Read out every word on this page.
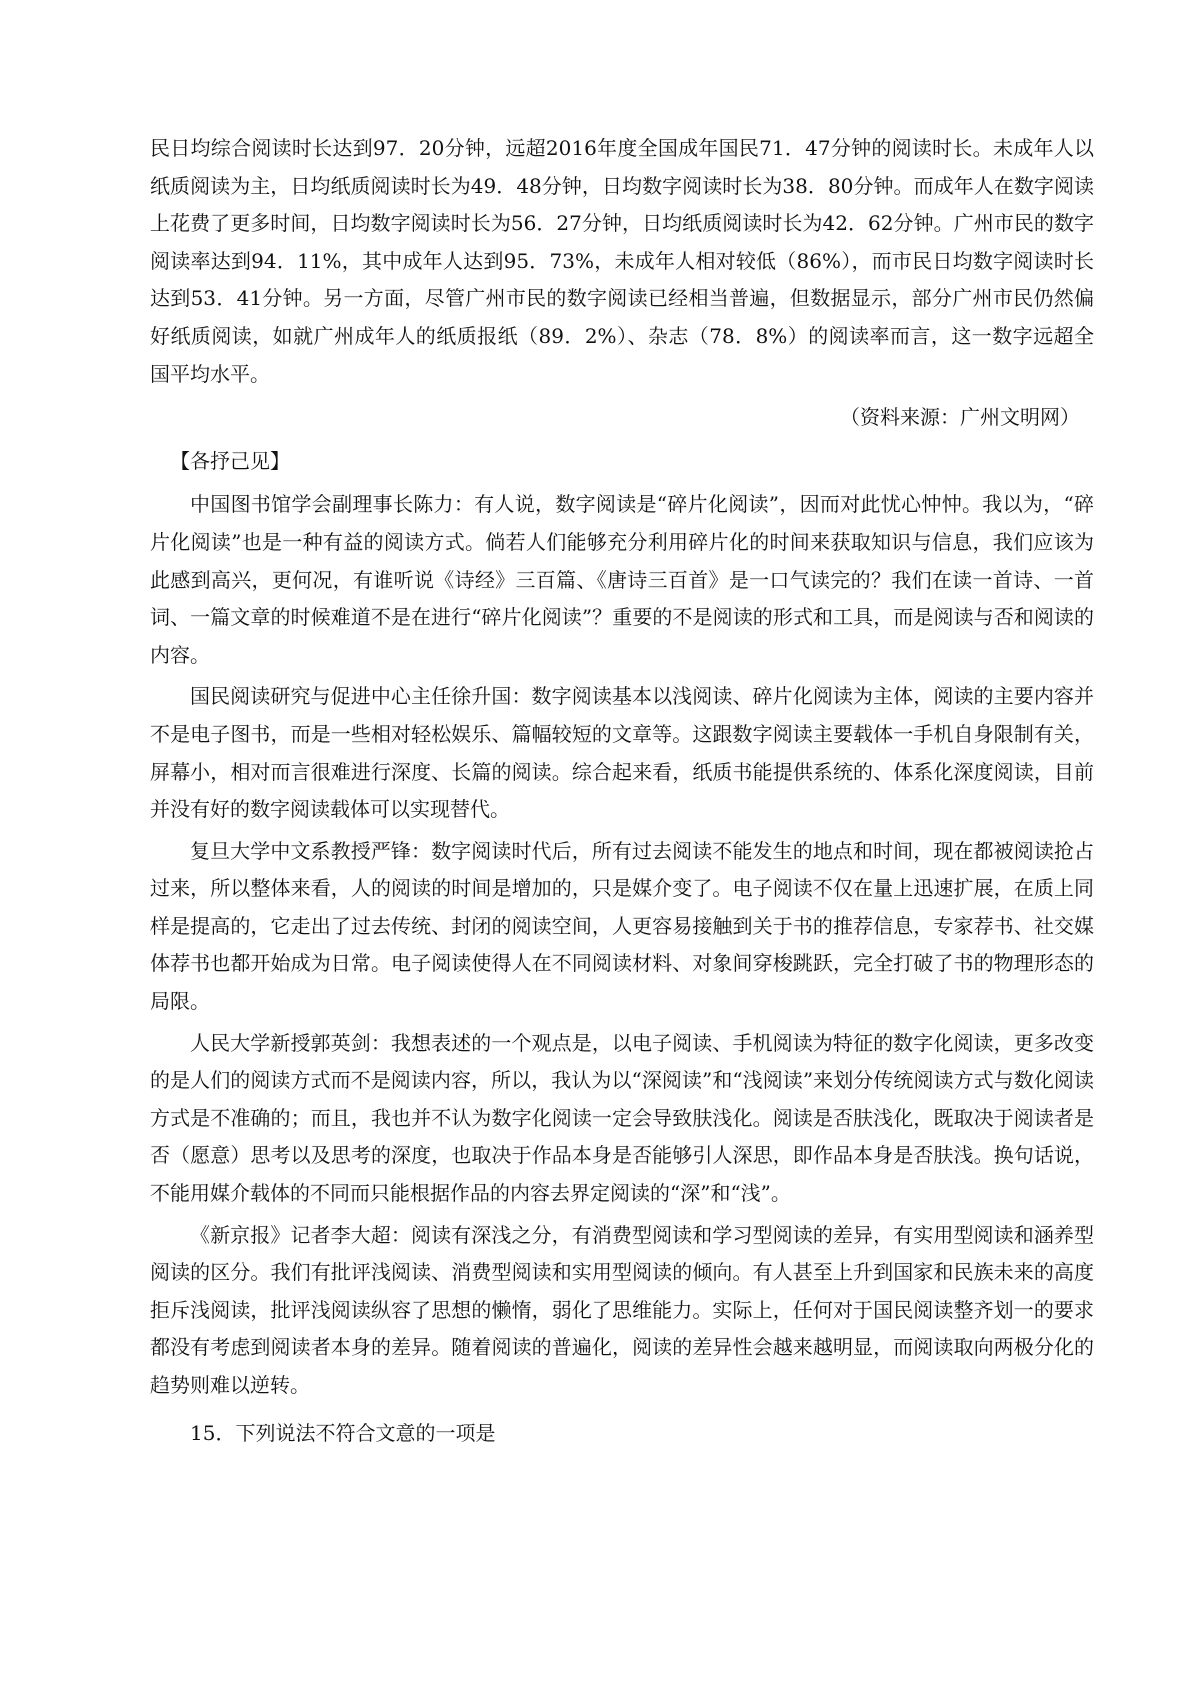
民日均综合阅读时长达到97．20分钟，远超2016年度全国成年国民71．47分钟的阅读时长。未成年人以纸质阅读为主，日均纸质阅读时长为49．48分钟，日均数字阅读时长为38．80分钟。而成年人在数字阅读上花费了更多时间，日均数字阅读时长为56．27分钟，日均纸质阅读时长为42．62分钟。广州市民的数字阅读率达到94．11%，其中成年人达到95．73%，未成年人相对较低（86%），而市民日均数字阅读时长达到53．41分钟。另一方面，尽管广州市民的数字阅读已经相当普遍，但数据显示，部分广州市民仍然偏好纸质阅读，如就广州成年人的纸质报纸（89．2%）、杂志（78．8%）的阅读率而言，这一数字远超全国平均水平。

（资料来源：广州文明网）

【各抒己见】

中国图书馆学会副理事长陈力：有人说，数字阅读是“碎片化阅读”，因而对此忧心忡忡。我以为，“碎片化阅读”也是一种有益的阅读方式。倘若人们能够充分利用碎片化的时间来获取知识与信息，我们应该为此感到高兴，更何况，有谁听说《诗经》三百篇、《唐诗三百首》是一口气读完的？我们在读一首诗、一首词、一篇文章的时候难道不是在进行“碎片化阅读”？重要的不是阅读的形式和工具，而是阅读与否和阅读的内容。

国民阅读研究与促进中心主任徐升国：数字阅读基本以浅阅读、碎片化阅读为主体，阅读的主要内容并不是电子图书，而是一些相对轻松娱乐、篇幅较短的文章等。这跟数字阅读主要载体一手机自身限制有关，屏幕小，相对而言很难进行深度、长篇的阅读。综合起来看，纸质书能提供系统的、体系化深度阅读，目前并没有好的数字阅读载体可以实现替代。

复旦大学中文系教授严锋：数字阅读时代后，所有过去阅读不能发生的地点和时间，现在都被阅读抢占过来，所以整体来看，人的阅读的时间是增加的，只是媒介变了。电子阅读不仅在量上迅速扩展，在质上同样是提高的，它走出了过去传统、封闭的阅读空间，人更容易接触到关于书的推荐信息，专家荐书、社交媒体荐书也都开始成为日常。电子阅读使得人在不同阅读材料、对象间穿梭跳跃，完全打破了书的物理形态的局限。

人民大学新授郭英剑：我想表述的一个观点是，以电子阅读、手机阅读为特征的数字化阅读，更多改变的是人们的阅读方式而不是阅读内容，所以，我认为以“深阅读”和“浅阅读”来划分传统阅读方式与数化阅读方式是不准确的；而且，我也并不认为数字化阅读一定会导致肤浅化。阅读是否肤浅化，既取决于阅读者是否（愿意）思考以及思考的深度，也取决于作品本身是否能够引人深思，即作品本身是否肤浅。换句话说，不能用媒介载体的不同而只能根据作品的内容去界定阅读的“深”和“浅”。

《新京报》记者李大超：阅读有深浅之分，有消费型阅读和学习型阅读的差异，有实用型阅读和涵养型阅读的区分。我们有批评浅阅读、消费型阅读和实用型阅读的倾向。有人甚至上升到国家和民族未来的高度拒斥浅阅读，批评浅阅读纵容了思想的懒惰，弱化了思维能力。实际上，任何对于国民阅读整齐划一的要求都没有考虑到阅读者本身的差异。随着阅读的普遍化，阅读的差异性会越来越明显，而阅读取向两极分化的趋势则难以逆转。

15．下列说法不符合文意的一项是
